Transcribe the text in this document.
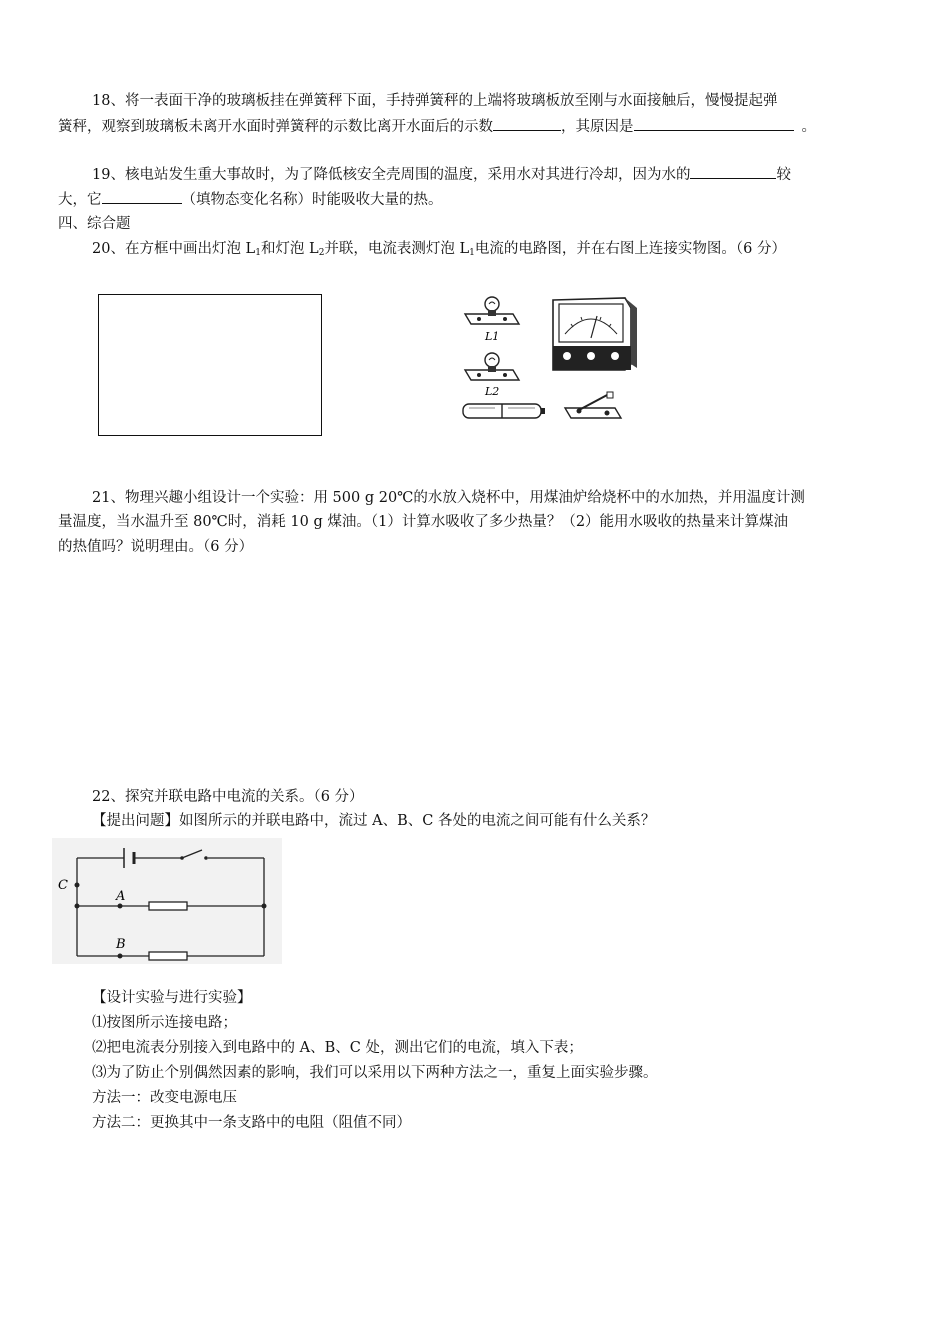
18、将一表面干净的玻璃板挂在弹簧秤下面，手持弹簧秤的上端将玻璃板放至刚与水面接触后，慢慢提起弹
簧秤，观察到玻璃板未离开水面时弹簧秤的示数比离开水面后的示数	，其原因是	。
19、核电站发生重大事故时，为了降低核安全壳周围的温度，采用水对其进行冷却，因为水的	较
大，它	（填物态变化名称）时能吸收大量的热。
四、综合题
20、在方框中画出灯泡 $L_1$和灯泡 $L_2$并联，电流表测灯泡 $L_1$电流的电路图，并在右图上连接实物图。（6 分）
L1
L2
21、物理兴趣小组设计一个实验：用 500 g 20℃的水放入烧杯中，用煤油炉给烧杯中的水加热，并用温度计测
量温度，当水温升至 80℃时，消耗 10 g 煤油。（1）计算水吸收了多少热量？（2）能用水吸收的热量来计算煤油
的热值吗？说明理由。（6 分）
22、探究并联电路中电流的关系。（6 分）
【提出问题】如图所示的并联电路中，流过 A、B、C 各处的电流之间可能有什么关系？
C
A
B
【设计实验与进行实验】
⑴按图所示连接电路；
⑵把电流表分别接入到电路中的 A、B、C 处，测出它们的电流，填入下表；
⑶为了防止个别偶然因素的影响，我们可以采用以下两种方法之一，重复上面实验步骤。
方法一：改变电源电压
方法二：更换其中一条支路中的电阻（阻值不同）
